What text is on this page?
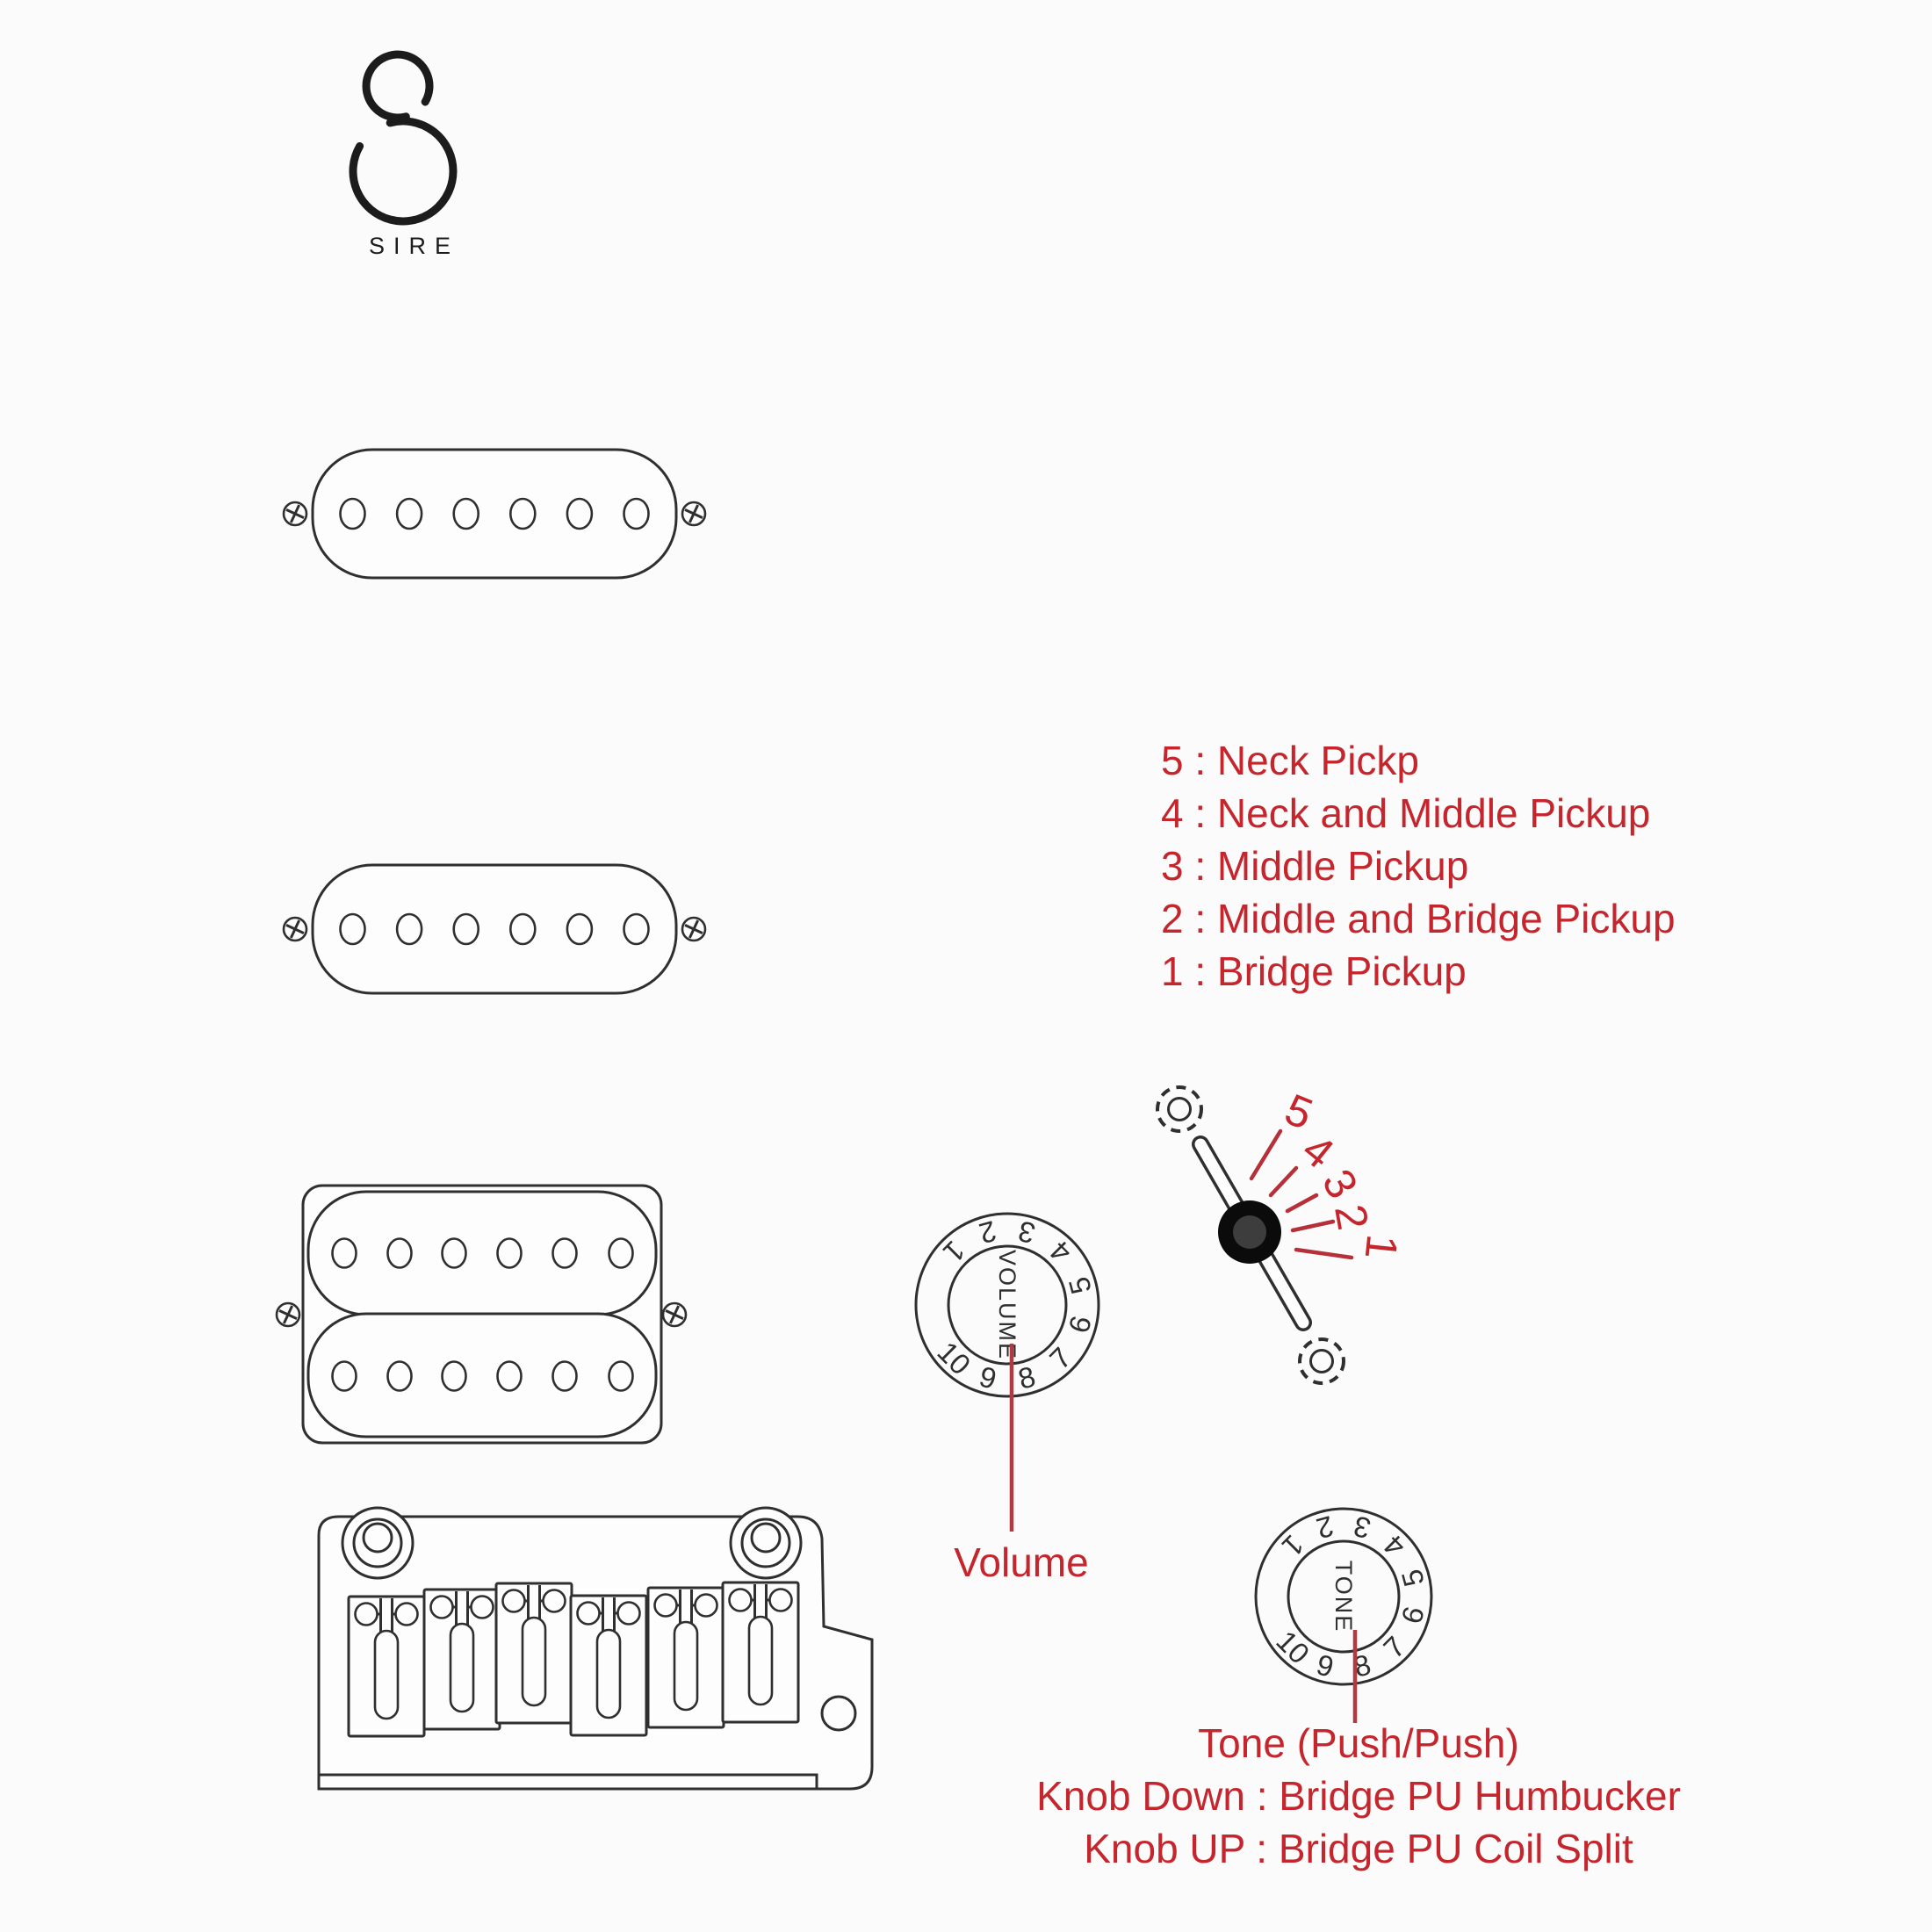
SIRE
5 : Neck Pickp
4 : Neck and Middle Pickup
3 : Middle Pickup
2 : Middle and Bridge Pickup
1 : Bridge Pickup
1
2 3
4
5
6
7
8
9
10 VOLUME
Volume
5
4
3
2
1
1
2 3
4
5
6
7
8
9
10
TONE
Tone (Push/Push)
Knob Down : Bridge PU Humbucker
Knob UP : Bridge PU Coil Split
